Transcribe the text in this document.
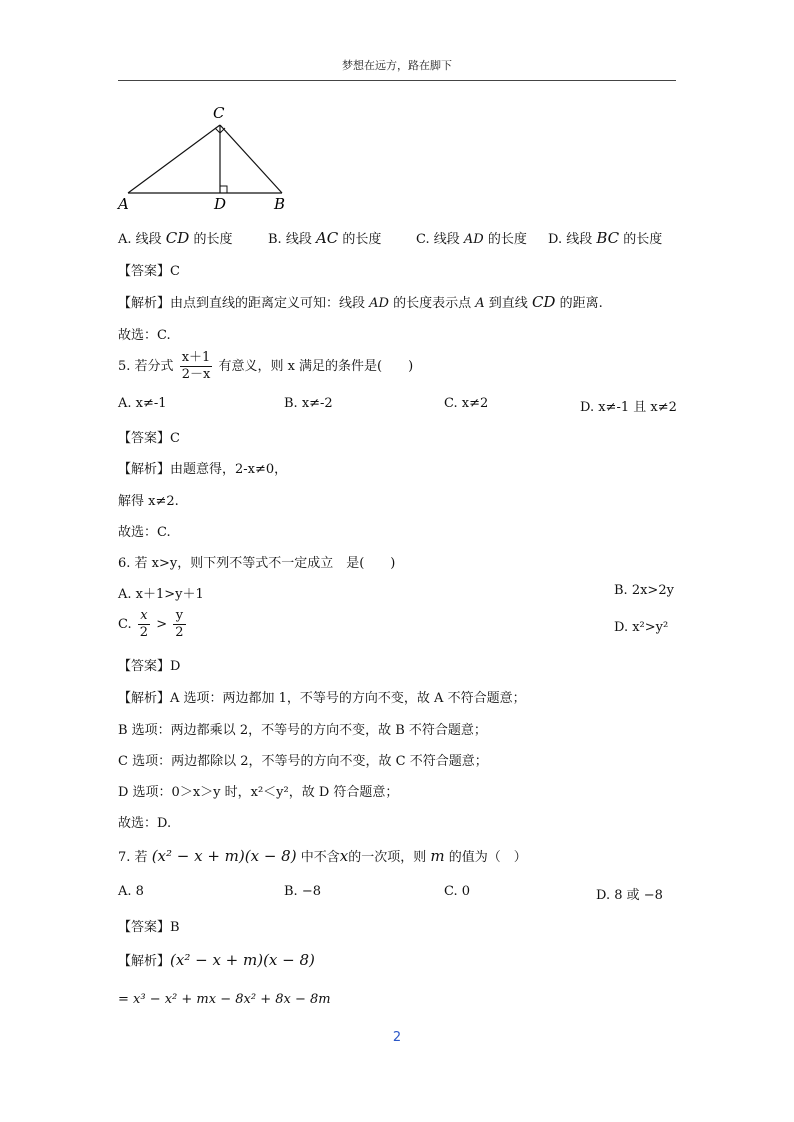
梦想在远方，路在脚下
C
A	D	B
A. 线段 CD 的长度	B. 线段 AC 的长度	C. 线段 AD 的长度 D. 线段 BC 的长度
【答案】C
【解析】由点到直线的距离定义可知：线段 AD 的长度表示点 A 到直线 CD 的距离.
故选：C.
5. 若分式 $\frac{x+1}{2-x}$ 有意义，则 x 满足的条件是(　　)
A. x≠-1	B. x≠-2	C. x≠2	D. x≠-1 且 x≠2
【答案】C
【解析】由题意得，2-x≠0，
解得 x≠2.
故选：C.
6. 若 x>y，则下列不等式不一定成立　是(　　)
A. x＋1>y＋1	B. 2x>2y
C. $\frac{x}{2} > \frac{y}{2}$	D. x²>y²
【答案】D
【解析】A 选项：两边都加 1，不等号的方向不变，故 A 不符合题意；
B 选项：两边都乘以 2，不等号的方向不变，故 B 不符合题意；
C 选项：两边都除以 2，不等号的方向不变，故 C 不符合题意；
D 选项：0＞x＞y 时，x²＜y²，故 D 符合题意；
故选：D.
7. 若 (x² − x + m)(x − 8) 中不含x的一次项，则 m 的值为（　）
A. 8	B. −8	C. 0	D. 8 或 −8
【答案】B
【解析】(x² − x + m)(x − 8)
= x³ − x² + mx − 8x² + 8x − 8m
2
